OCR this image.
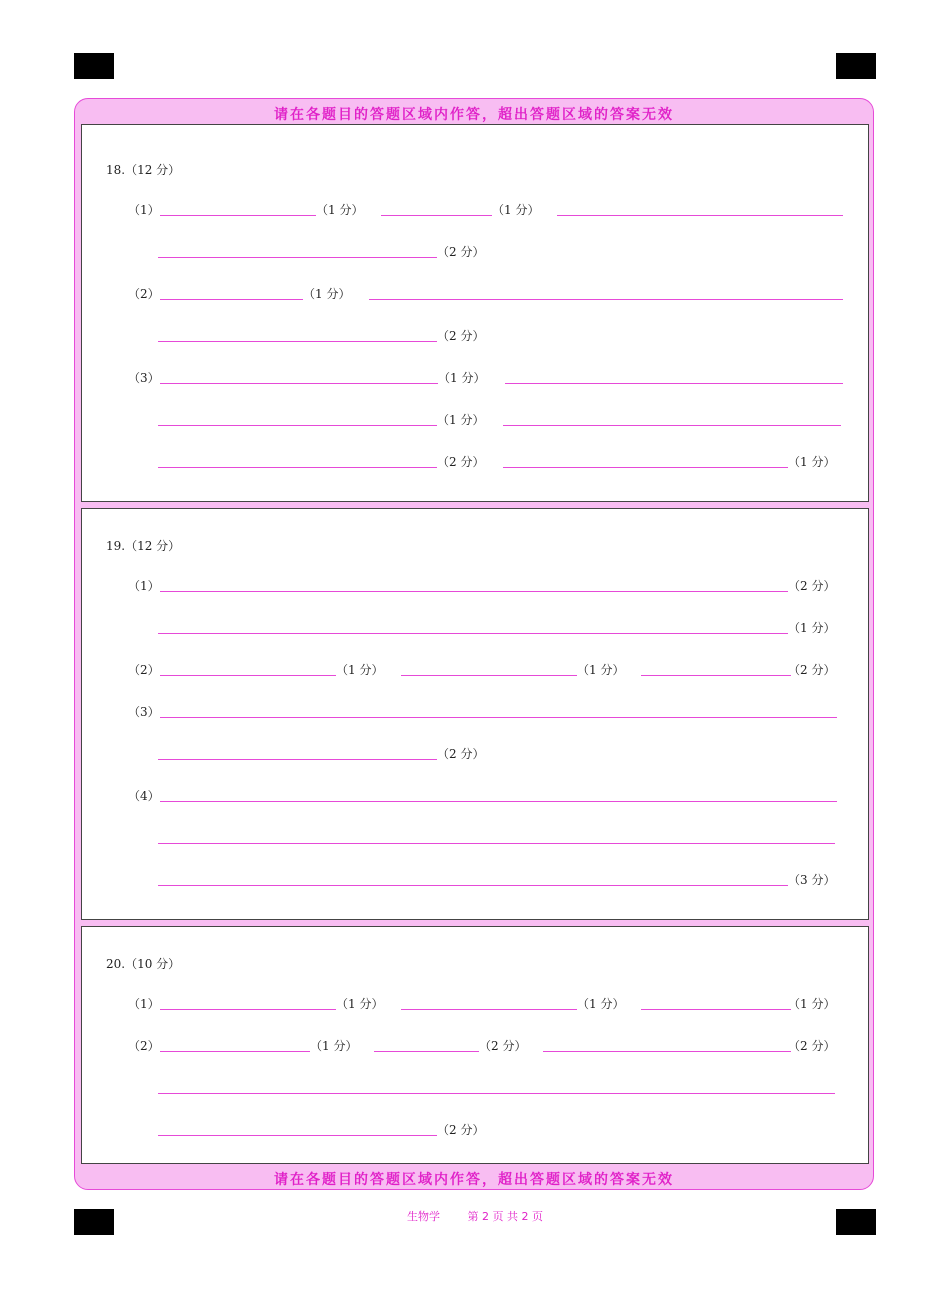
请在各题目的答题区域内作答，超出答题区域的答案无效
请在各题目的答题区域内作答，超出答题区域的答案无效
18.（12 分）
（1）	（1 分）	（1 分）
（2 分）
（2）	（1 分）
（2 分）
（3）	（1 分）
（1 分）
（2 分）	（1 分）
19.（12 分）
（1）	（2 分）
（1 分）
（2）	（1 分）	（1 分）	（2 分）
（3）
（2 分）
（4）
（3 分）
20.（10 分）
（1）	（1 分）	（1 分）	（1 分）
（2）	（1 分）	（2 分）	（2 分）
（2 分）
生物学	第 2 页 共 2 页
